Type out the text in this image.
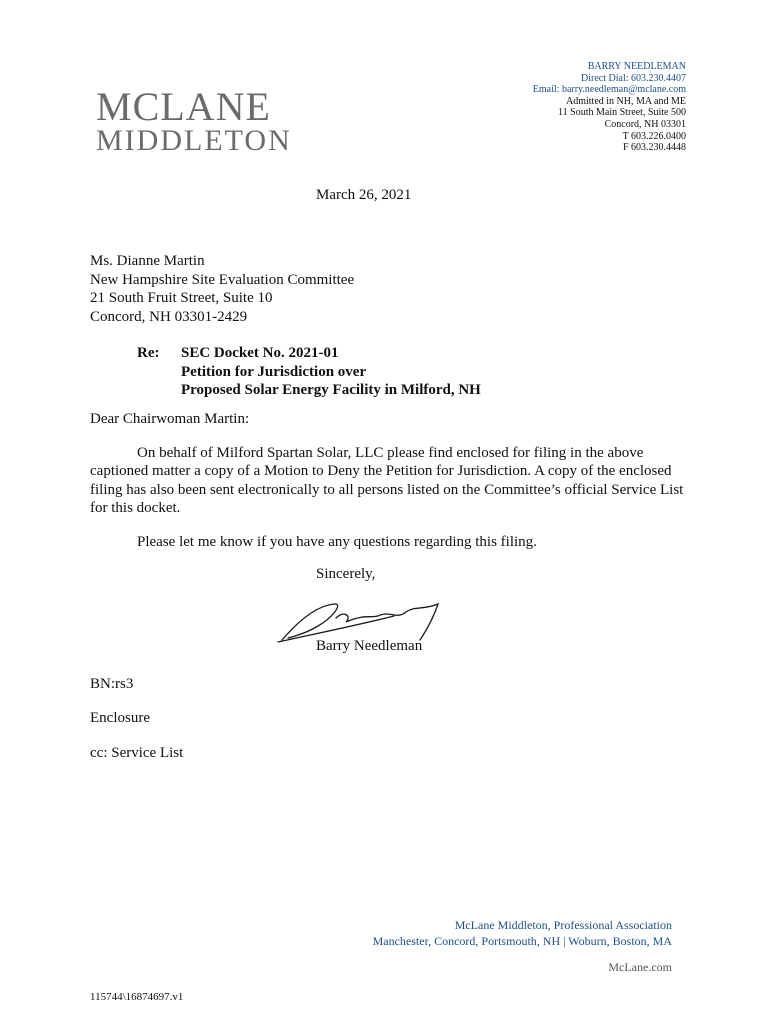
MCLANE
MIDDLETON
BARRY NEEDLEMAN
Direct Dial: 603.230.4407
Email: barry.needleman@mclane.com
Admitted in NH, MA and ME
11 South Main Street, Suite 500
Concord, NH 03301
T 603.226.0400
F 603.230.4448
March 26, 2021
Ms. Dianne Martin
New Hampshire Site Evaluation Committee
21 South Fruit Street, Suite 10
Concord, NH 03301-2429
Re:	SEC Docket No. 2021-01
Petition for Jurisdiction over
Proposed Solar Energy Facility in Milford, NH

Dear Chairwoman Martin:

On behalf of Milford Spartan Solar, LLC please find enclosed for filing in the above captioned matter a copy of a Motion to Deny the Petition for Jurisdiction. A copy of the enclosed filing has also been sent electronically to all persons listed on the Committee’s official Service List for this docket.

Please let me know if you have any questions regarding this filing.

Sincerely,
Barry Needleman
BN:rs3
Enclosure
cc: Service List
McLane Middleton, Professional Association
Manchester, Concord, Portsmouth, NH | Woburn, Boston, MA
McLane.com
115744\16874697.v1
